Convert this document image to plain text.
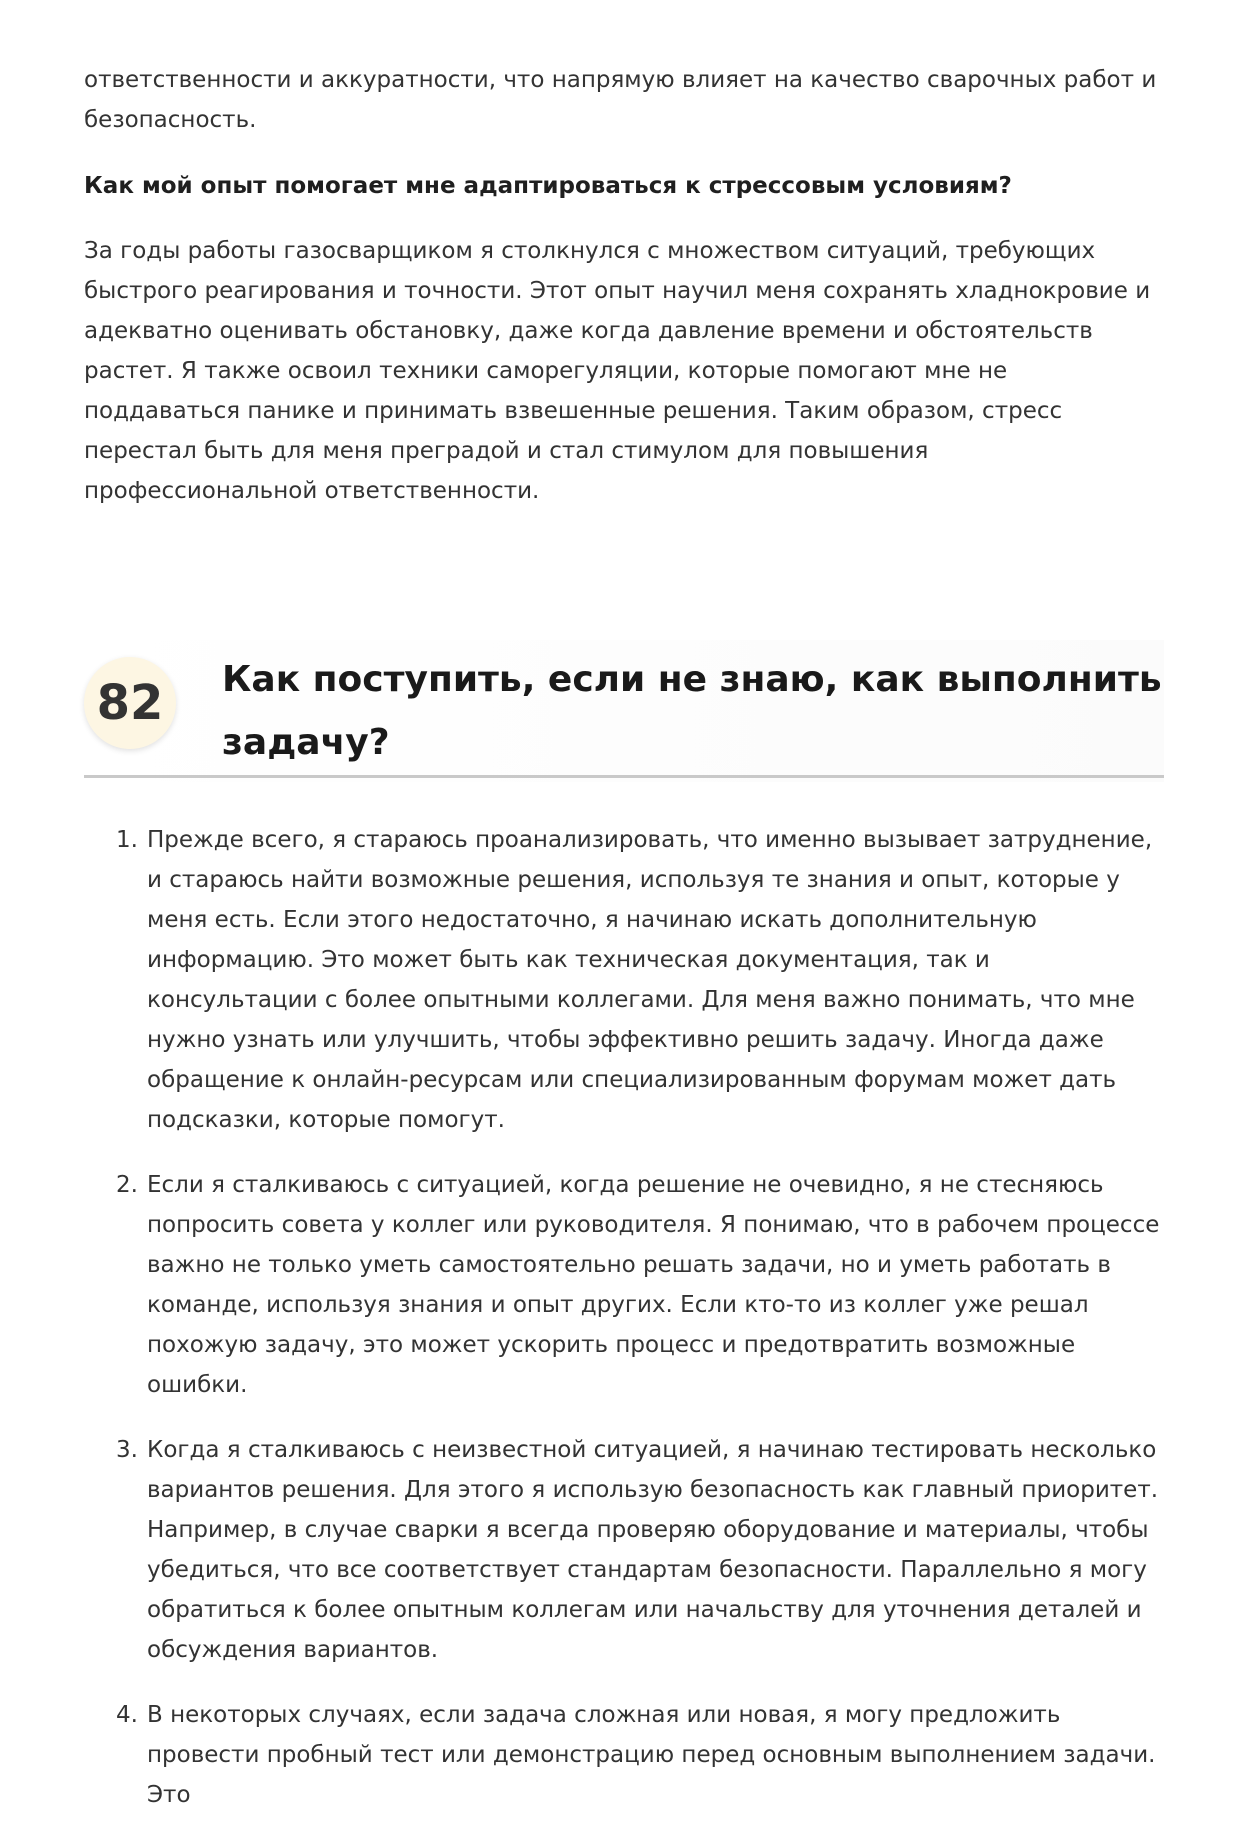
ответственности и аккуратности, что напрямую влияет на качество сварочных работ и безопасность.

Как мой опыт помогает мне адаптироваться к стрессовым условиям?

За годы работы газосварщиком я столкнулся с множеством ситуаций, требующих быстрого реагирования и точности. Этот опыт научил меня сохранять хладнокровие и адекватно оценивать обстановку, даже когда давление времени и обстоятельств растет. Я также освоил техники саморегуляции, которые помогают мне не поддаваться панике и принимать взвешенные решения. Таким образом, стресс перестал быть для меня преградой и стал стимулом для повышения профессиональной ответственности.

82	Как поступить, если не знаю, как выполнить задачу?
1. Прежде всего, я стараюсь проанализировать, что именно вызывает затруднение, и стараюсь найти возможные решения, используя те знания и опыт, которые у меня есть. Если этого недостаточно, я начинаю искать дополнительную информацию. Это может быть как техническая документация, так и консультации с более опытными коллегами. Для меня важно понимать, что мне нужно узнать или улучшить, чтобы эффективно решить задачу. Иногда даже обращение к онлайн-ресурсам или специализированным форумам может дать подсказки, которые помогут.
2. Если я сталкиваюсь с ситуацией, когда решение не очевидно, я не стесняюсь попросить совета у коллег или руководителя. Я понимаю, что в рабочем процессе важно не только уметь самостоятельно решать задачи, но и уметь работать в команде, используя знания и опыт других. Если кто-то из коллег уже решал похожую задачу, это может ускорить процесс и предотвратить возможные ошибки.
3. Когда я сталкиваюсь с неизвестной ситуацией, я начинаю тестировать несколько вариантов решения. Для этого я использую безопасность как главный приоритет. Например, в случае сварки я всегда проверяю оборудование и материалы, чтобы убедиться, что все соответствует стандартам безопасности. Параллельно я могу обратиться к более опытным коллегам или начальству для уточнения деталей и обсуждения вариантов.
4. В некоторых случаях, если задача сложная или новая, я могу предложить провести пробный тест или демонстрацию перед основным выполнением задачи. Это
